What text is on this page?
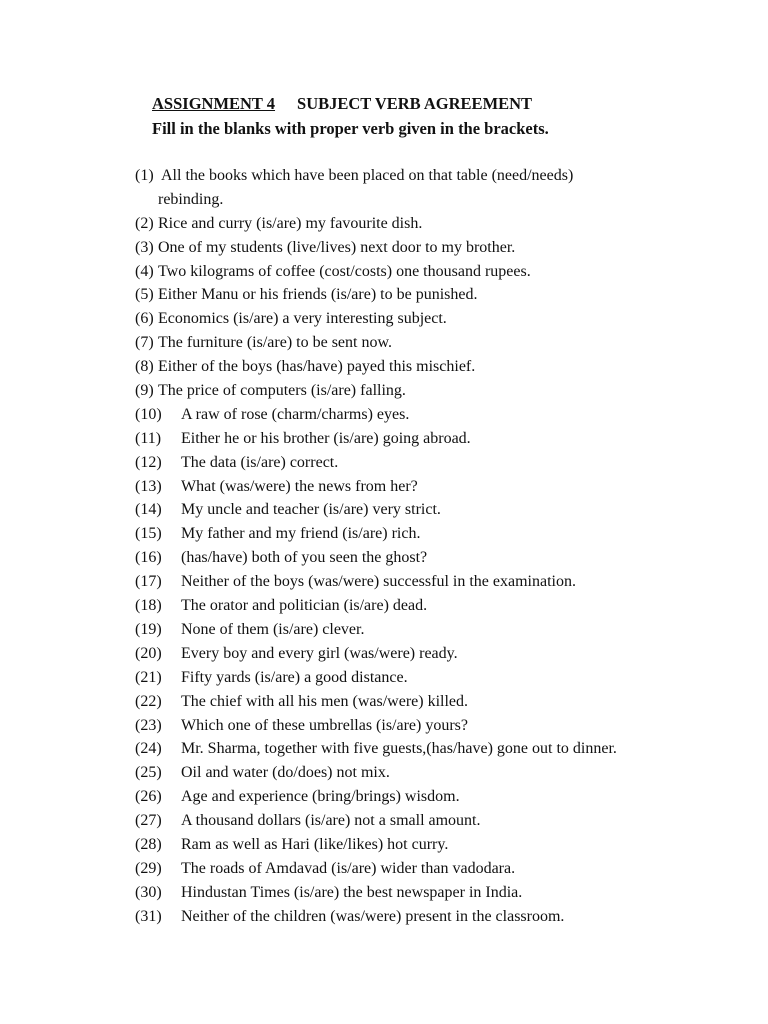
ASSIGNMENT 4 SUBJECT VERB AGREEMENT
Fill in the blanks with proper verb given in the brackets.
(1) All the books which have been placed on that table (need/needs)
rebinding.
(2) Rice and curry (is/are) my favourite dish.
(3) One of my students (live/lives) next door to my brother.
(4) Two kilograms of coffee (cost/costs) one thousand rupees.
(5) Either Manu or his friends (is/are) to be punished.
(6) Economics (is/are) a very interesting subject.
(7) The furniture (is/are) to be sent now.
(8) Either of the boys (has/have) payed this mischief.
(9) The price of computers (is/are) falling.
(10) A raw of rose (charm/charms) eyes.
(11) Either he or his brother (is/are) going abroad.
(12) The data (is/are) correct.
(13) What (was/were) the news from her?
(14) My uncle and teacher (is/are) very strict.
(15) My father and my friend (is/are) rich.
(16) (has/have) both of you seen the ghost?
(17) Neither of the boys (was/were) successful in the examination.
(18) The orator and politician (is/are) dead.
(19) None of them (is/are) clever.
(20) Every boy and every girl (was/were) ready.
(21) Fifty yards (is/are) a good distance.
(22) The chief with all his men (was/were) killed.
(23) Which one of these umbrellas (is/are) yours?
(24) Mr. Sharma, together with five guests,(has/have) gone out to dinner.
(25) Oil and water (do/does) not mix.
(26) Age and experience (bring/brings) wisdom.
(27) A thousand dollars (is/are) not a small amount.
(28) Ram as well as Hari (like/likes) hot curry.
(29) The roads of Amdavad (is/are) wider than vadodara.
(30) Hindustan Times (is/are) the best newspaper in India.
(31) Neither of the children (was/were) present in the classroom.
